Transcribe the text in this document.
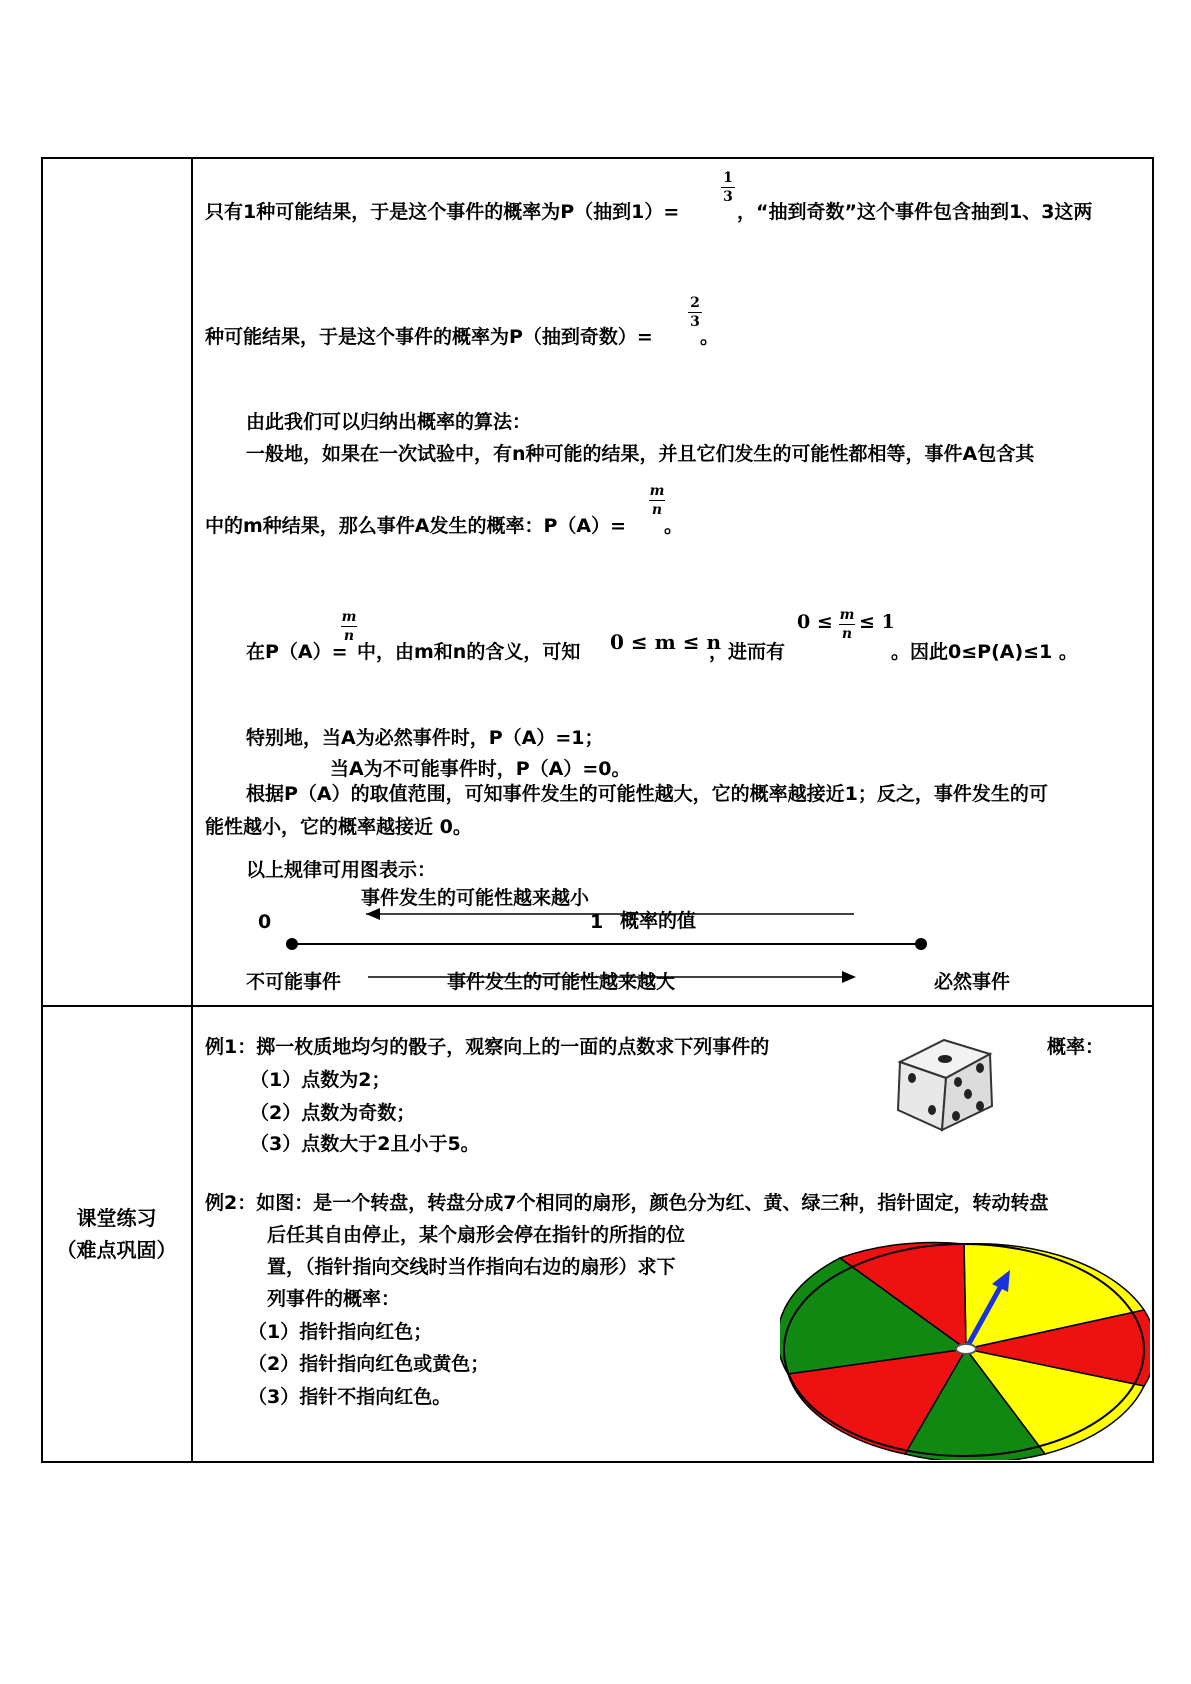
只有1种可能结果，于是这个事件的概率为P（抽到1）=
1
3
，“抽到奇数”这个事件包含抽到1、3这两
种可能结果，于是这个事件的概率为P（抽到奇数）=
2
3
。
由此我们可以归纳出概率的算法：
一般地，如果在一次试验中，有n种可能的结果，并且它们发生的可能性都相等，事件A包含其
中的m种结果，那么事件A发生的概率：P（A）=
m
n
。
在P（A）=
m
n
中，由m和n的含义，可知 0 ≤ m ≤ n
，进而有
0 ≤ m
n
≤ 1
。因此0≤P(A)≤1 。
特别地，当A为必然事件时，P（A）=1；
当A为不可能事件时，P（A）=0。
根据P（A）的取值范围，可知事件发生的可能性越大，它的概率越接近1；反之，事件发生的可
能性越小，它的概率越接近 0。
以上规律可用图表示：
事件发生的可能性越来越小
0	1 概率的值
不可能事件	事件发生的可能性越来越大	必然事件
课堂练习
（难点巩固）
例1：掷一枚质地均匀的骰子，观察向上的一面的点数求下列事件的	概率：
（1）点数为2；
（2）点数为奇数；
（3）点数大于2且小于5。
例2：如图：是一个转盘，转盘分成7个相同的扇形，颜色分为红、黄、绿三种，指针固定，转动转盘
后任其自由停止，某个扇形会停在指针的所指的位
置，（指针指向交线时当作指向右边的扇形）求下
列事件的概率：
（1）指针指向红色；
（2）指针指向红色或黄色；
（3）指针不指向红色。
